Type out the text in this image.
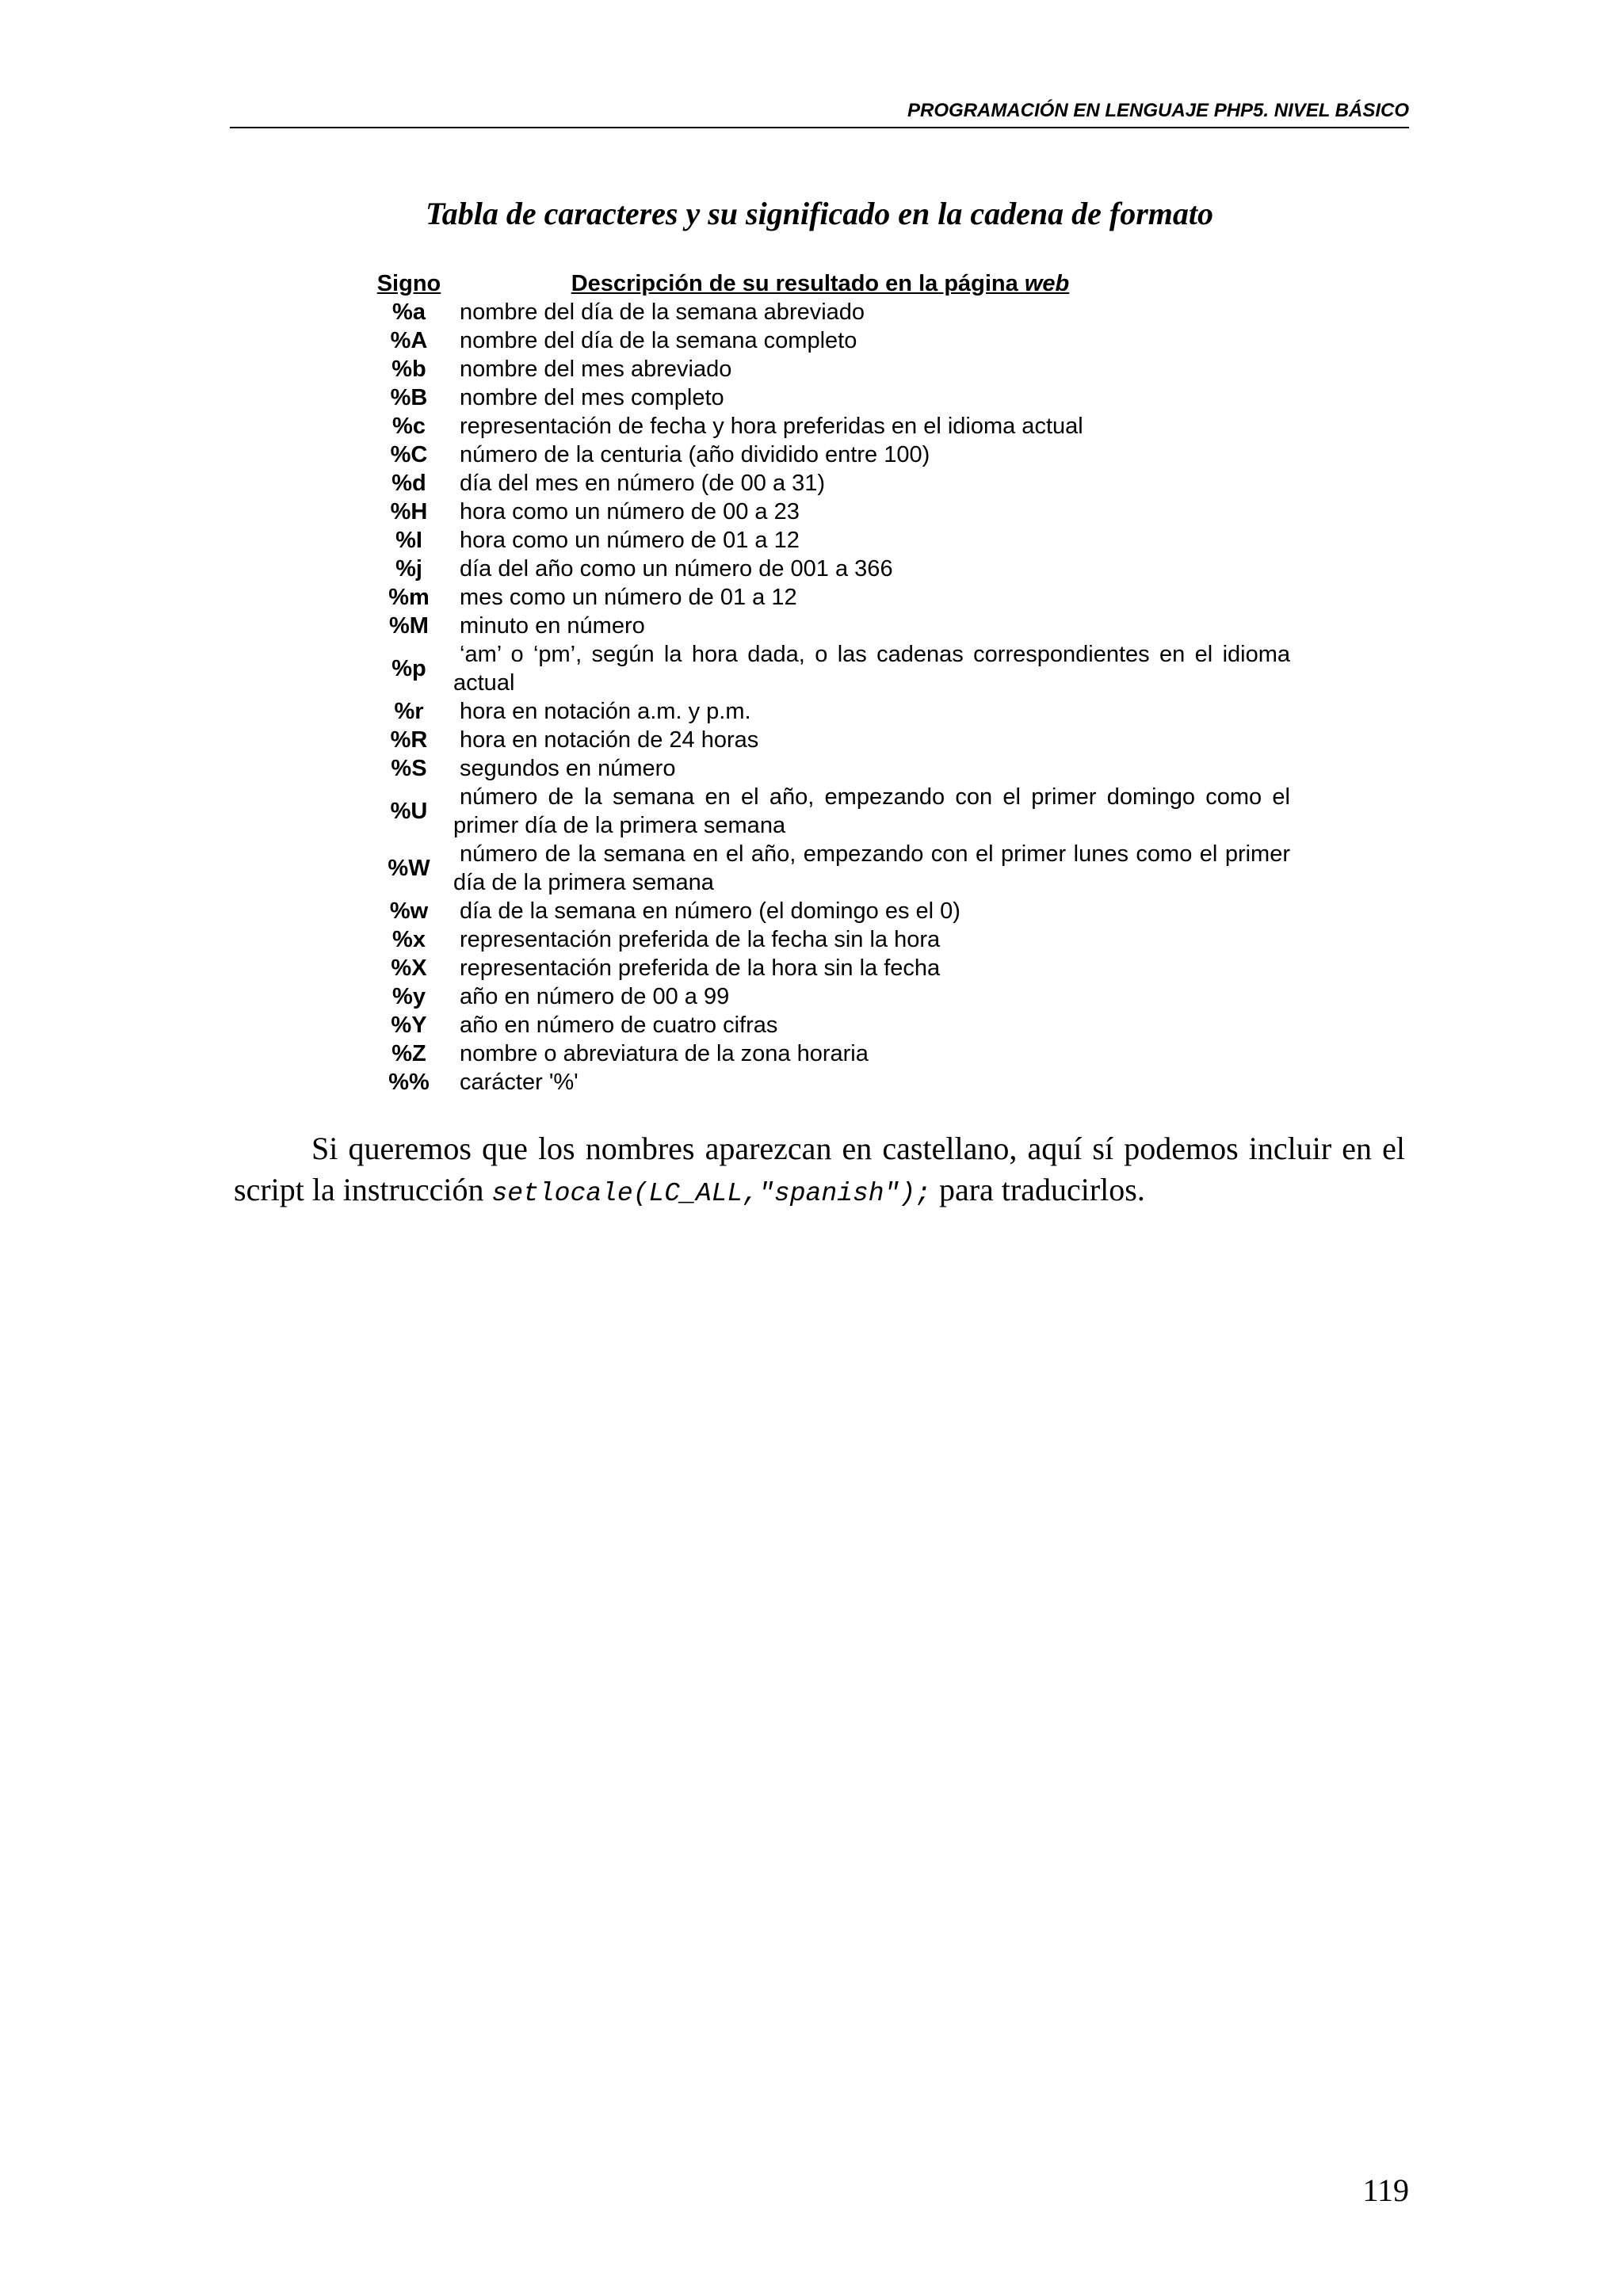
PROGRAMACIÓN EN LENGUAJE PHP5. NIVEL BÁSICO
Tabla de caracteres y su significado en la cadena de formato
Signo	Descripción de su resultado en la página web
%a	nombre del día de la semana abreviado
%A	nombre del día de la semana completo
%b	nombre del mes abreviado
%B	nombre del mes completo
%c	representación de fecha y hora preferidas en el idioma actual
%C	número de la centuria (año dividido entre 100)
%d	día del mes en número (de 00 a 31)
%H	hora como un número de 00 a 23
%I	hora como un número de 01 a 12
%j	día del año como un número de 001 a 366
%m	mes como un número de 01 a 12
%M	minuto en número
%p	‘am’ o ‘pm’, según la hora dada, o las cadenas correspondientes en el idioma actual
%r	hora en notación a.m. y p.m.
%R	hora en notación de 24 horas
%S	segundos en número
%U	número de la semana en el año, empezando con el primer domingo como el primer día de la primera semana
%W	número de la semana en el año, empezando con el primer lunes como el primer día de la primera semana
%w	día de la semana en número (el domingo es el 0)
%x	representación preferida de la fecha sin la hora
%X	representación preferida de la hora sin la fecha
%y	año en número de 00 a 99
%Y	año en número de cuatro cifras
%Z	nombre o abreviatura de la zona horaria
%%	carácter '%'

Si queremos que los nombres aparezcan en castellano, aquí sí podemos incluir en el script la instrucción setlocale(LC_ALL,"spanish"); para traducirlos.

119
